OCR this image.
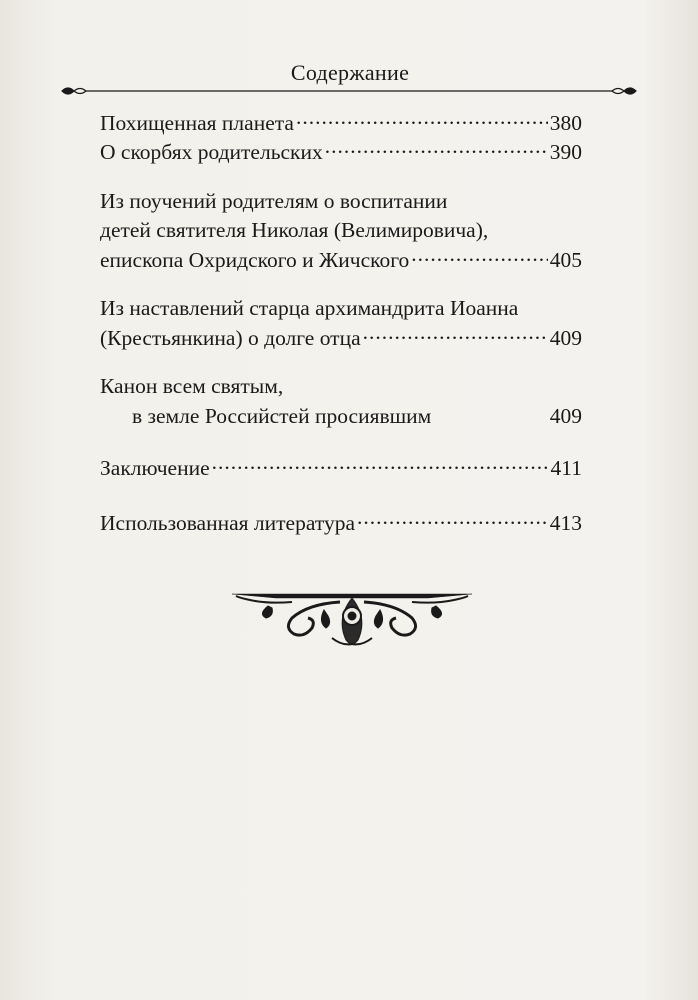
Содержание
Похищенная планета .....	380
О скорбях родительских .....	390
Из поучений родителям о воспитании
детей святителя Николая (Велимировича),
епископа Охридского и Жичского .....	405
Из наставлений старца архимандрита Иоанна
(Крестьянкина) о долге отца .....	409
Канон всем святым,
в земле Российстей просиявшим	409
Заключение .....	411
Использованная литература .....	413
